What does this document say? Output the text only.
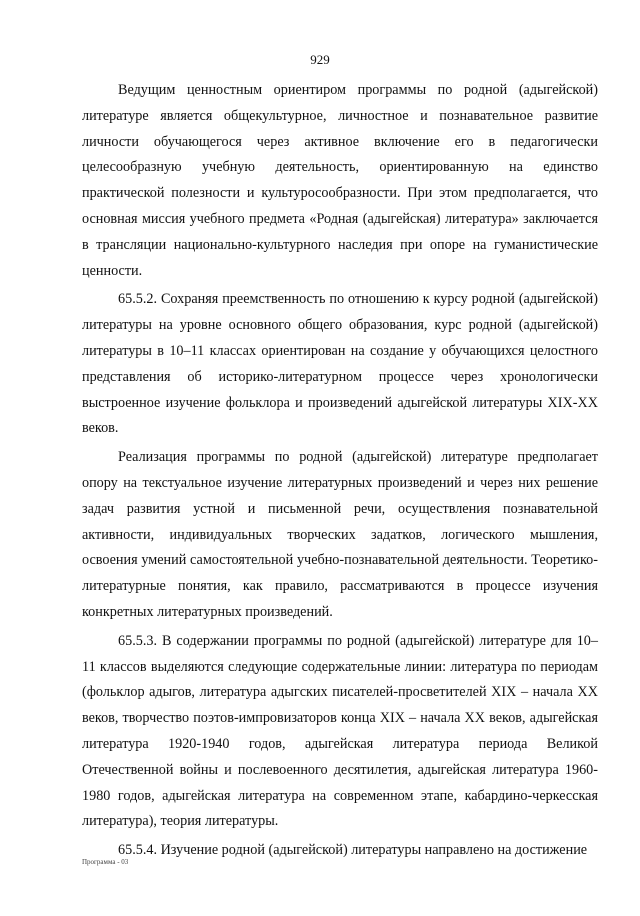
929

Ведущим ценностным ориентиром программы по родной (адыгейской) литературе является общекультурное, личностное и познавательное развитие личности обучающегося через активное включение его в педагогически целесообразную учебную деятельность, ориентированную на единство практической полезности и культуросообразности. При этом предполагается, что основная миссия учебного предмета «Родная (адыгейская) литература» заключается в трансляции национально-культурного наследия при опоре на гуманистические ценности.

65.5.2. Сохраняя преемственность по отношению к курсу родной (адыгейской) литературы на уровне основного общего образования, курс родной (адыгейской) литературы в 10–11 классах ориентирован на создание у обучающихся целостного представления об историко-литературном процессе через хронологически выстроенное изучение фольклора и произведений адыгейской литературы XIX-XX веков.

Реализация программы по родной (адыгейской) литературе предполагает опору на текстуальное изучение литературных произведений и через них решение задач развития устной и письменной речи, осуществления познавательной активности, индивидуальных творческих задатков, логического мышления, освоения умений самостоятельной учебно-познавательной деятельности. Теоретико-литературные понятия, как правило, рассматриваются в процессе изучения конкретных литературных произведений.

65.5.3. В содержании программы по родной (адыгейской) литературе для 10–11 классов выделяются следующие содержательные линии: литература по периодам (фольклор адыгов, литература адыгских писателей-просветителей XIX – начала XX веков, творчество поэтов-импровизаторов конца XIX – начала XX веков, адыгейская литература 1920-1940 годов, адыгейская литература периода Великой Отечественной войны и послевоенного десятилетия, адыгейская литература 1960-1980 годов, адыгейская литература на современном этапе, кабардино-черкесская литература), теория литературы.

65.5.4. Изучение родной (адыгейской) литературы направлено на достижение

Программа - 03
